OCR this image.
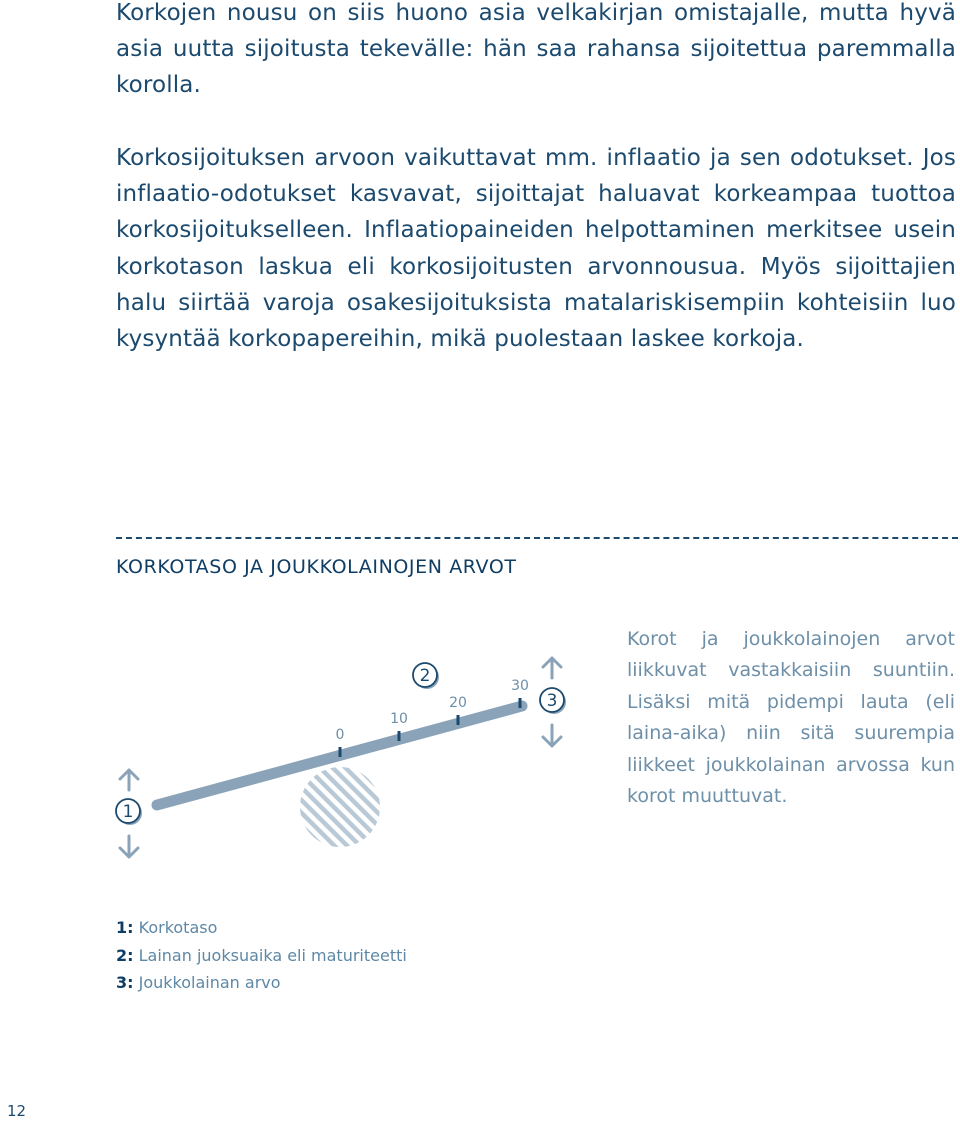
Korkojen nousu on siis huono asia velkakirjan omistajalle, mutta hyvä asia uutta sijoitusta tekevälle: hän saa rahansa sijoitettua paremmalla korolla.

Korkosijoituksen arvoon vaikuttavat mm. inflaatio ja sen odotukset. Jos inflaatio-odotukset kasvavat, sijoittajat haluavat korkeampaa tuottoa korkosijoitukselleen. Inflaatiopaineiden helpottaminen merkitsee usein korkotason laskua eli korkosijoitusten arvonnousua. Myös sijoittajien halu siirtää varoja osakesijoituksista matalariskisempiin kohteisiin luo kysyntää korkopapereihin, mikä puolestaan laskee korkoja.

KORKOTASO JA JOUKKOLAINOJEN ARVOT
0
10
20
30
1
2
3

Korot ja joukkolainojen arvot liikkuvat vastakkaisiin suuntiin. Lisäksi mitä pidempi lauta (eli laina-aika) niin sitä suurempia liikkeet joukkolainan arvossa kun korot muuttuvat.

1: Korkotaso
2: Lainan juoksuaika eli maturiteetti
3: Joukkolainan arvo
12
